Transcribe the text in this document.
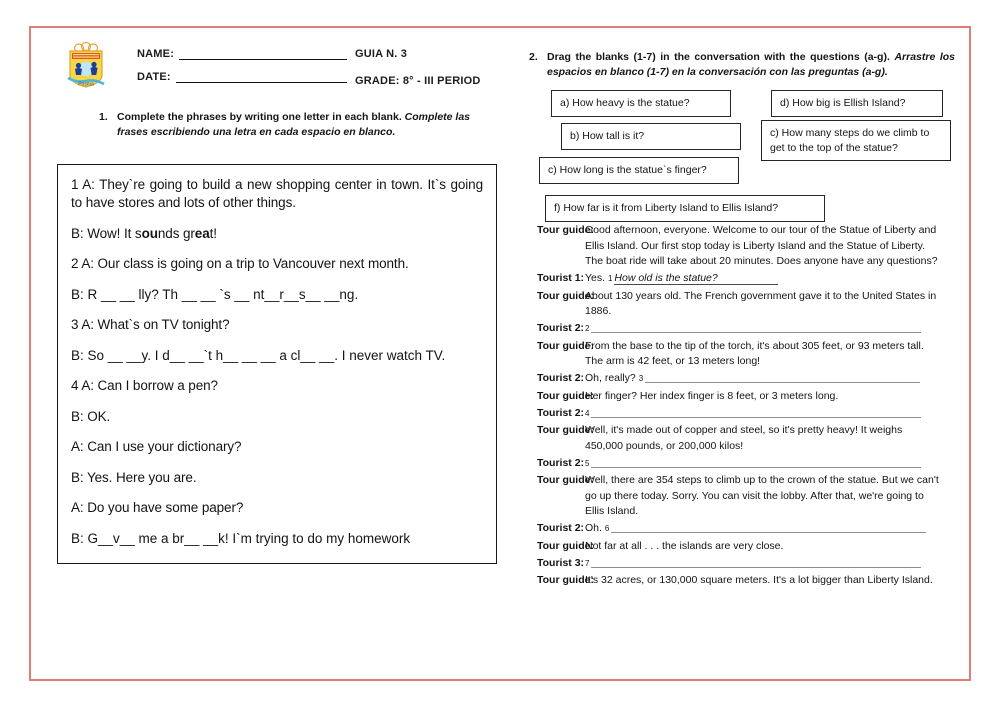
Prisma
NAME:
DATE:
GUIA N. 3
GRADE: 8° - III PERIOD
1. Complete the phrases by writing one letter in each blank. Complete las frases escribiendo una letra en cada espacio en blanco.
1 A: They`re going to build a new shopping center in town. It`s going to have stores and lots of other things.
B: Wow! It sounds great!
2 A: Our class is going on a trip to Vancouver next month.
B: R __ __ lly? Th __ __ `s __ nt__r__s__ __ng.
3 A: What`s on TV tonight?
B: So __ __y. I d__ __`t h__ __ __ a cl__ __. I never watch TV.
4 A: Can I borrow a pen?
B: OK.
A: Can I use your dictionary?
B: Yes. Here you are.
A: Do you have some paper?
B: G__v__ me a br__ __k! I`m trying to do my homework
2. Drag the blanks (1-7) in the conversation with the questions (a-g). Arrastre los espacios en blanco (1-7) en la conversación con las preguntas (a-g).
a) How heavy is the statue?	d) How big is Ellish Island?
b) How tall is it?	c) How many steps do we climb to get to the top of the statue?
c) How long is the statue`s finger?
f) How far is it from Liberty Island to Ellis Island?
Tour guide:
Good afternoon, everyone. Welcome to our tour of the Statue of Liberty and Ellis Island. Our first stop today is Liberty Island and the Statue of Liberty. The boat ride will take about 20 minutes. Does anyone have any questions?
Tourist 1: Yes. 1 How old is the statue?
Tour guide:
About 130 years old. The French government gave it to the United States in 1886.
Tourist 2: 2
Tour guide:
From the base to the tip of the torch, it's about 305 feet, or 93 meters tall. The arm is 42 feet, or 13 meters long!
Tourist 2: Oh, really? 3
Tour guide:
Her finger? Her index finger is 8 feet, or 3 meters long.
Tourist 2: 4
Tour guide:
Well, it's made out of copper and steel, so it's pretty heavy! It weighs 450,000 pounds, or 200,000 kilos!
Tourist 2: 5
Tour guide:
Well, there are 354 steps to climb up to the crown of the statue. But we can't go up there today. Sorry. You can visit the lobby. After that, we're going to Ellis Island.
Tourist 2: Oh. 6
Tour guide:
Not far at all . . . the islands are very close.
Tourist 3: 7
Tour guide:
It's 32 acres, or 130,000 square meters. It's a lot bigger than Liberty Island.
